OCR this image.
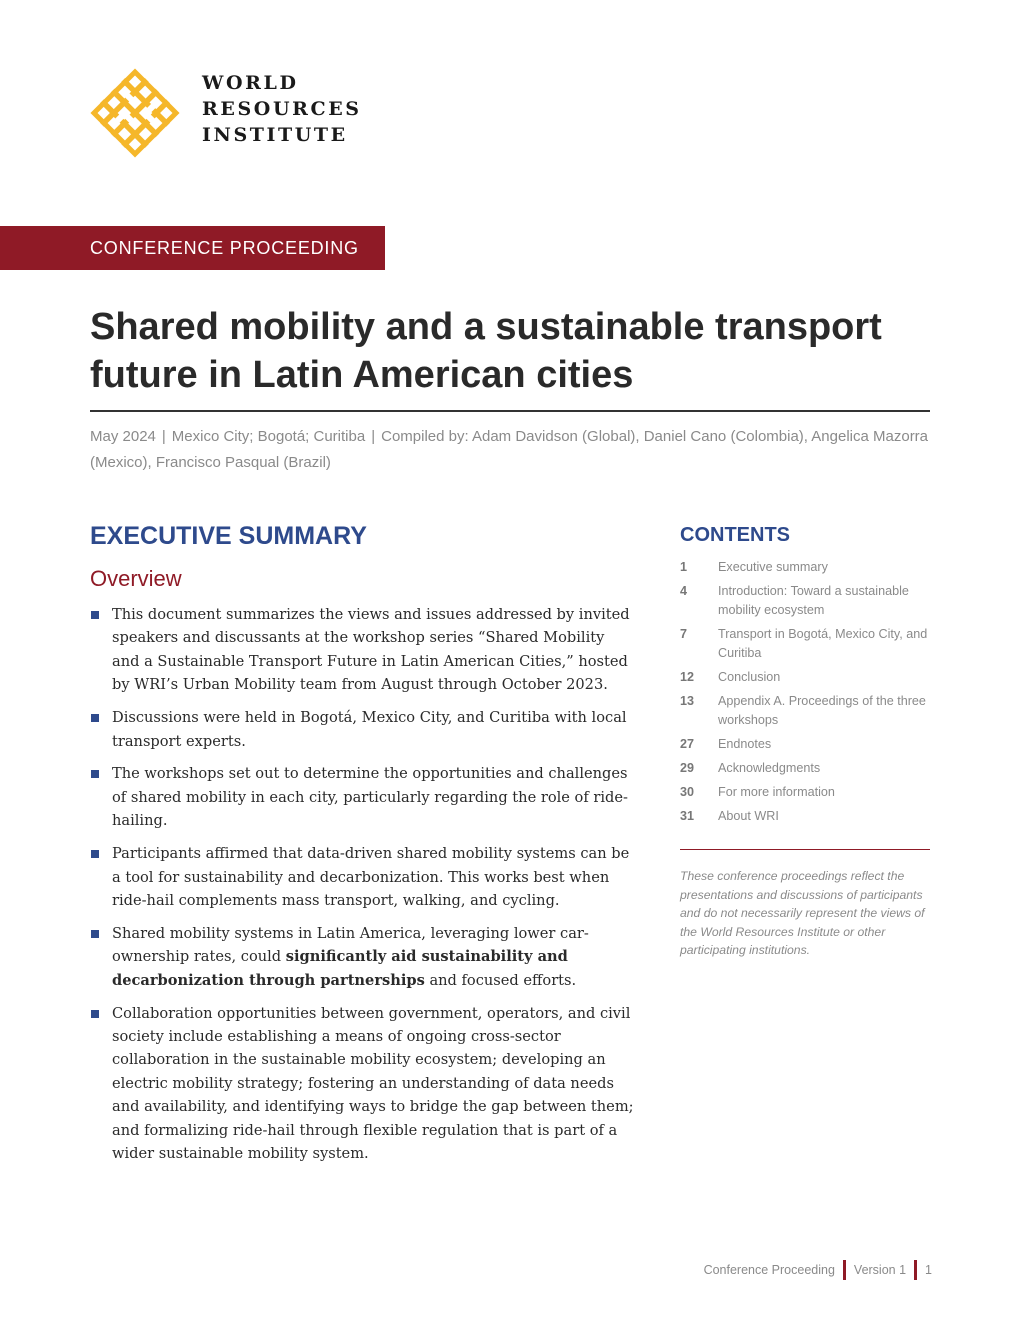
WORLD
RESOURCES
INSTITUTE
CONFERENCE PROCEEDING
Shared mobility and a sustainable transport future in Latin American cities
May 2024 | Mexico City; Bogotá; Curitiba | Compiled by: Adam Davidson (Global), Daniel Cano (Colombia), Angelica Mazorra (Mexico), Francisco Pasqual (Brazil)
EXECUTIVE SUMMARY
Overview
This document summarizes the views and issues addressed by invited speakers and discussants at the workshop series “Shared Mobility and a Sustainable Transport Future in Latin American Cities,” hosted by WRI’s Urban Mobility team from August through October 2023.
Discussions were held in Bogotá, Mexico City, and Curitiba with local transport experts.
The workshops set out to determine the opportunities and challenges of shared mobility in each city, particularly regarding the role of ride-hailing.
Participants affirmed that data-driven shared mobility systems can be a tool for sustainability and decarbonization. This works best when ride-hail complements mass transport, walking, and cycling.
Shared mobility systems in Latin America, leveraging lower car-ownership rates, could significantly aid sustainability and decarbonization through partnerships and focused efforts.
Collaboration opportunities between government, operators, and civil society include establishing a means of ongoing cross-sector collaboration in the sustainable mobility ecosystem; developing an electric mobility strategy; fostering an understanding of data needs and availability, and identifying ways to bridge the gap between them; and formalizing ride-hail through flexible regulation that is part of a wider sustainable mobility system.
CONTENTS
1	Executive summary
4	Introduction: Toward a sustainable mobility ecosystem
7	Transport in Bogotá, Mexico City, and Curitiba
12	Conclusion
13	Appendix A. Proceedings of the three workshops
27	Endnotes
29	Acknowledgments
30	For more information
31	About WRI
These conference proceedings reflect the presentations and discussions of participants and do not necessarily represent the views of the World Resources Institute or other participating institutions.
Conference Proceeding Version 1 1
